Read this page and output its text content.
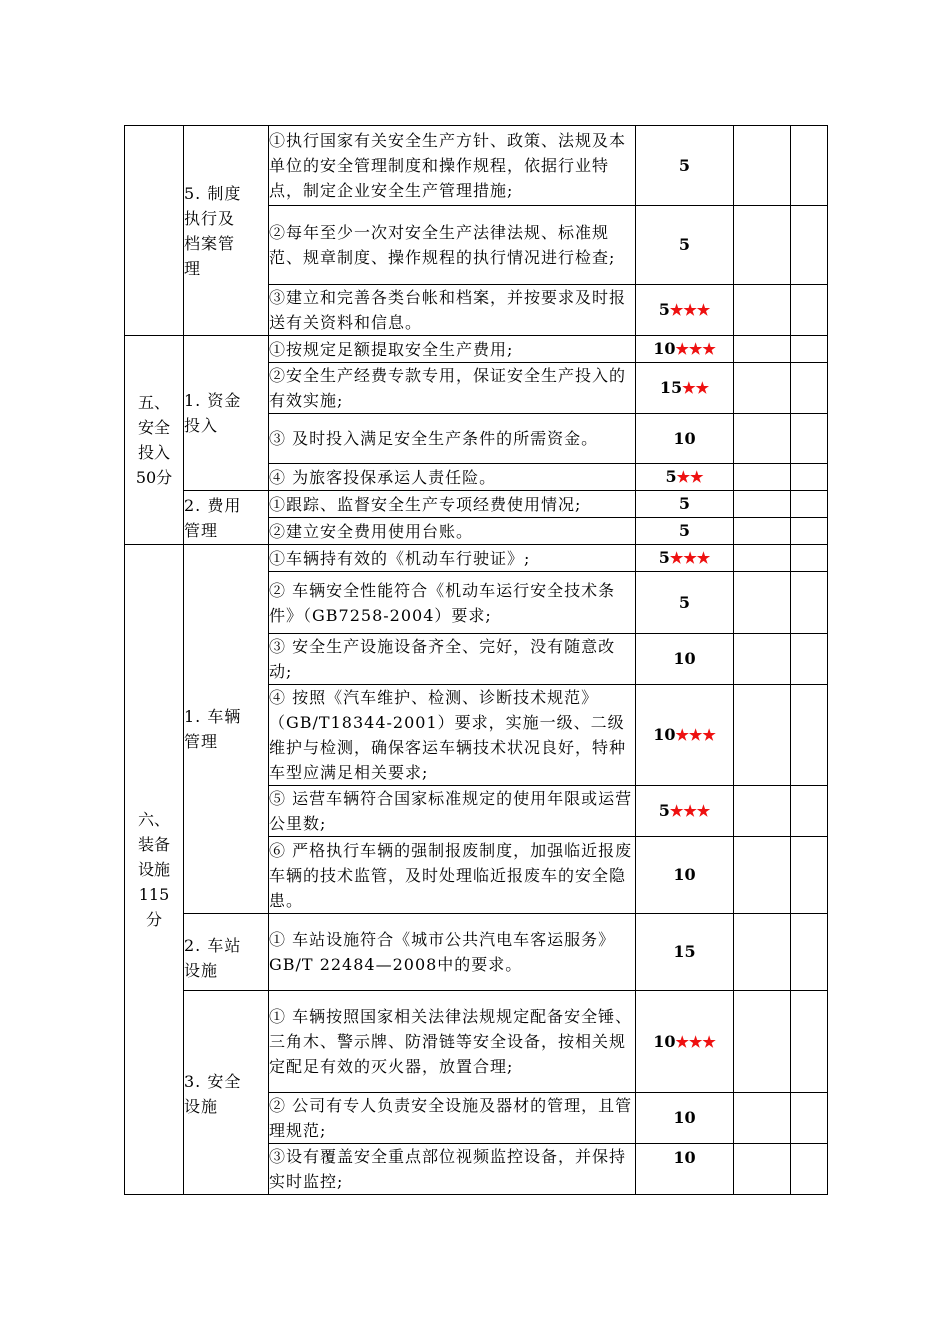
	5. 制度
执行及
档案管
理	①执行国家有关安全生产方针、政策、法规及本单位的安全管理制度和操作规程，依据行业特点，制定企业安全生产管理措施;	5		
		②每年至少一次对安全生产法律法规、标准规范、规章制度、操作规程的执行情况进行检查;	5		
		③建立和完善各类台帐和档案，并按要求及时报送有关资料和信息。	5★★★		
五、
安全
投入
50分	1. 资金
投入	①按规定足额提取安全生产费用;	10★★★		
		②安全生产经费专款专用，保证安全生产投入的有效实施;	15★★		
		③ 及时投入满足安全生产条件的所需资金。	10		
		④ 为旅客投保承运人责任险。	5★★		
	2. 费用
管理	①跟踪、监督安全生产专项经费使用情况;	5		
		②建立安全费用使用台账。	5		
六、
装备
设施
115
分	1. 车辆
管理	①车辆持有效的《机动车行驶证》;	5★★★		
		② 车辆安全性能符合《机动车运行安全技术条件》（GB7258-2004）要求;	5		
		③ 安全生产设施设备齐全、完好，没有随意改动;	10		
		④ 按照《汽车维护、检测、诊断技术规范》（GB/T18344-2001）要求，实施一级、二级维护与检测，确保客运车辆技术状况良好，特种车型应满足相关要求;	10★★★		
		⑤ 运营车辆符合国家标准规定的使用年限或运营公里数;	5★★★		
		⑥ 严格执行车辆的强制报废制度，加强临近报废车辆的技术监管，及时处理临近报废车的安全隐患。	10		
	2. 车站
设施	① 车站设施符合《城市公共汽电车客运服务》GB/T 22484—2008中的要求。	15		
	3. 安全
设施	① 车辆按照国家相关法律法规规定配备安全锤、三角木、警示牌、防滑链等安全设备，按相关规定配足有效的灭火器，放置合理;	10★★★		
		② 公司有专人负责安全设施及器材的管理，且管理规范;	10		
		③设有覆盖安全重点部位视频监控设备，并保持实时监控;	10		
